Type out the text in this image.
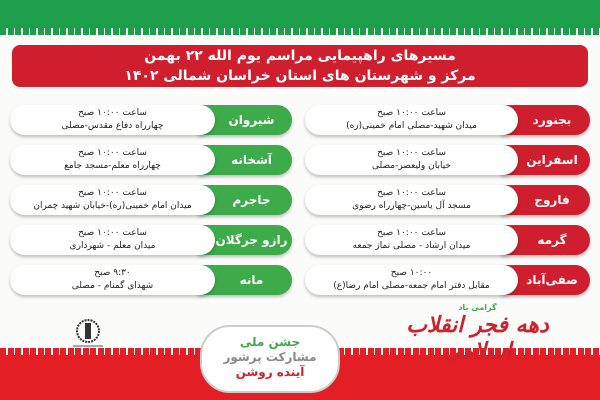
مسیرهای راهپیمایی مراسم یوم الله ۲۲ بهمن
مرکز و شهرستان های استان خراسان شمالی ۱۴۰۲
بجنورد
ساعت ۱۰:۰۰ صبح
میدان شهید-مصلی امام خمینی(ره)
اسفراین
ساعت ۱۰:۰۰ صبح
خیابان ولیعصر-مصلی
فاروج
ساعت ۱۰:۰۰ صبح
مسجد آل یاسین-چهارراه رضوی
گرمه
ساعت ۱۰:۰۰ صبح
میدان ارشاد - مصلی نماز جمعه
صفی‌آباد
۱۰:۰۰ صبح
مقابل دفتر امام جمعه-مصلی امام رضا(ع)
شیروان
ساعت ۱۰:۰۰ صبح
چهارراه دفاع مقدس-مصلی
آشخانه
ساعت ۱۰:۰۰ صبح
چهارراه معلم-مسجد جامع
جاجرم
ساعت ۱۰:۰۰ صبح
میدان امام خمینی(ره)-خیابان شهید چمران
رازو جرگلان
ساعت ۱۰:۰۰ صبح
میدان معلم - شهرداری
مانه
۹:۳۰ صبح
شهدای گمنام - مصلی
گرامی باد
دهه فجر انقلاب اسلامی
جشن ملی
مشارکت پرشور
آینده روشن
